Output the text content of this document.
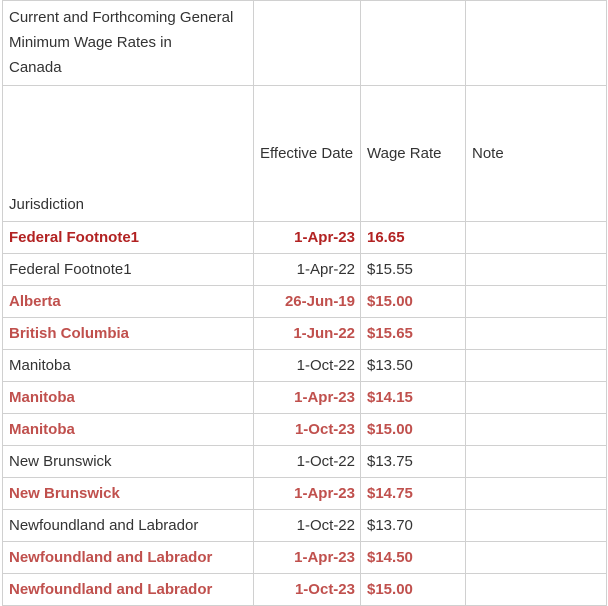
Current and Forthcoming General
Minimum Wage Rates in
Canada			

Jurisdiction	Effective Date	Wage Rate	Note
Federal Footnote1	1-Apr-23	16.65	
Federal Footnote1	1-Apr-22	$15.55	
Alberta	26-Jun-19	$15.00	
British Columbia	1-Jun-22	$15.65	
Manitoba	1-Oct-22	$13.50	
Manitoba	1-Apr-23	$14.15	
Manitoba	1-Oct-23	$15.00	
New Brunswick	1-Oct-22	$13.75	
New Brunswick	1-Apr-23	$14.75	
Newfoundland and Labrador	1-Oct-22	$13.70	
Newfoundland and Labrador	1-Apr-23	$14.50	
Newfoundland and Labrador	1-Oct-23	$15.00	
